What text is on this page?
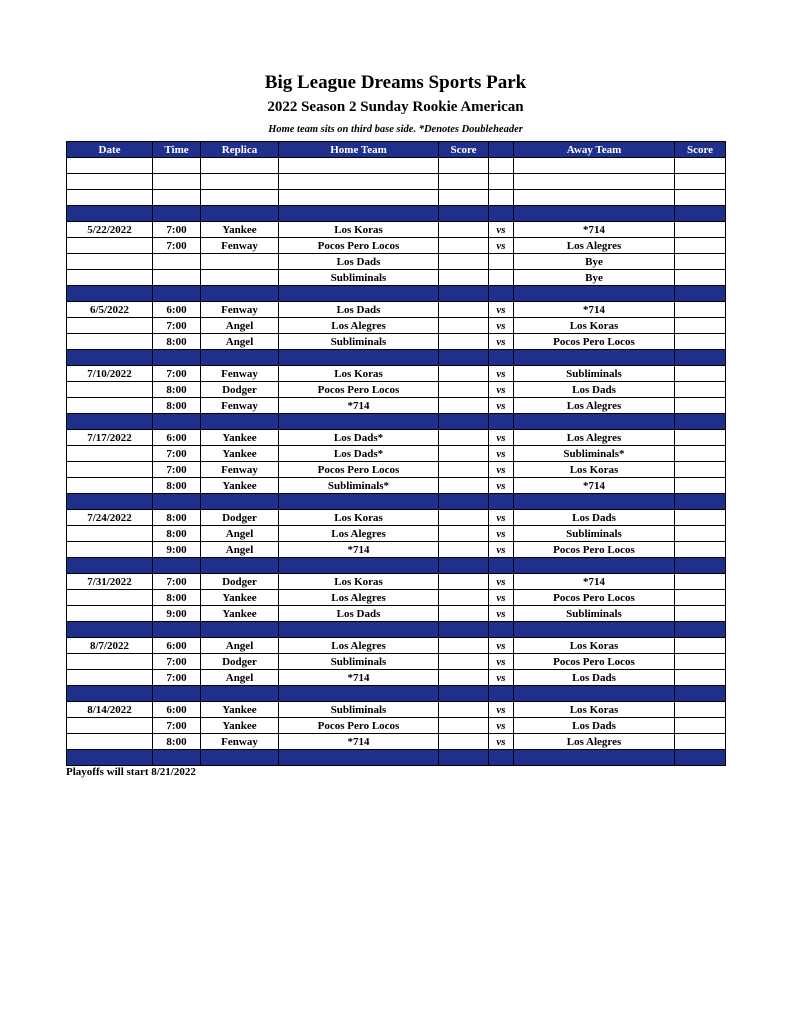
Big League Dreams Sports Park
2022 Season 2 Sunday Rookie American
Home team sits on third base side. *Denotes Doubleheader
Date	Time	Replica	Home Team	Score		Away Team	Score

5/22/2022	7:00	Yankee	Los Koras		vs	*714	
	7:00	Fenway	Pocos Pero Locos		vs	Los Alegres	
			Los Dads			Bye	
			Subliminals			Bye	

6/5/2022	6:00	Fenway	Los Dads		vs	*714	
	7:00	Angel	Los Alegres		vs	Los Koras	
	8:00	Angel	Subliminals		vs	Pocos Pero Locos	

7/10/2022	7:00	Fenway	Los Koras		vs	Subliminals	
	8:00	Dodger	Pocos Pero Locos		vs	Los Dads	
	8:00	Fenway	*714		vs	Los Alegres	

7/17/2022	6:00	Yankee	Los Dads*		vs	Los Alegres	
	7:00	Yankee	Los Dads*		vs	Subliminals*	
	7:00	Fenway	Pocos Pero Locos		vs	Los Koras	
	8:00	Yankee	Subliminals*		vs	*714	

7/24/2022	8:00	Dodger	Los Koras		vs	Los Dads	
	8:00	Angel	Los Alegres		vs	Subliminals	
	9:00	Angel	*714		vs	Pocos Pero Locos	

7/31/2022	7:00	Dodger	Los Koras		vs	*714	
	8:00	Yankee	Los Alegres		vs	Pocos Pero Locos	
	9:00	Yankee	Los Dads		vs	Subliminals	

8/7/2022	6:00	Angel	Los Alegres		vs	Los Koras	
	7:00	Dodger	Subliminals		vs	Pocos Pero Locos	
	7:00	Angel	*714		vs	Los Dads	

8/14/2022	6:00	Yankee	Subliminals		vs	Los Koras	
	7:00	Yankee	Pocos Pero Locos		vs	Los Dads	
	8:00	Fenway	*714		vs	Los Alegres	

Playoffs will start 8/21/2022
